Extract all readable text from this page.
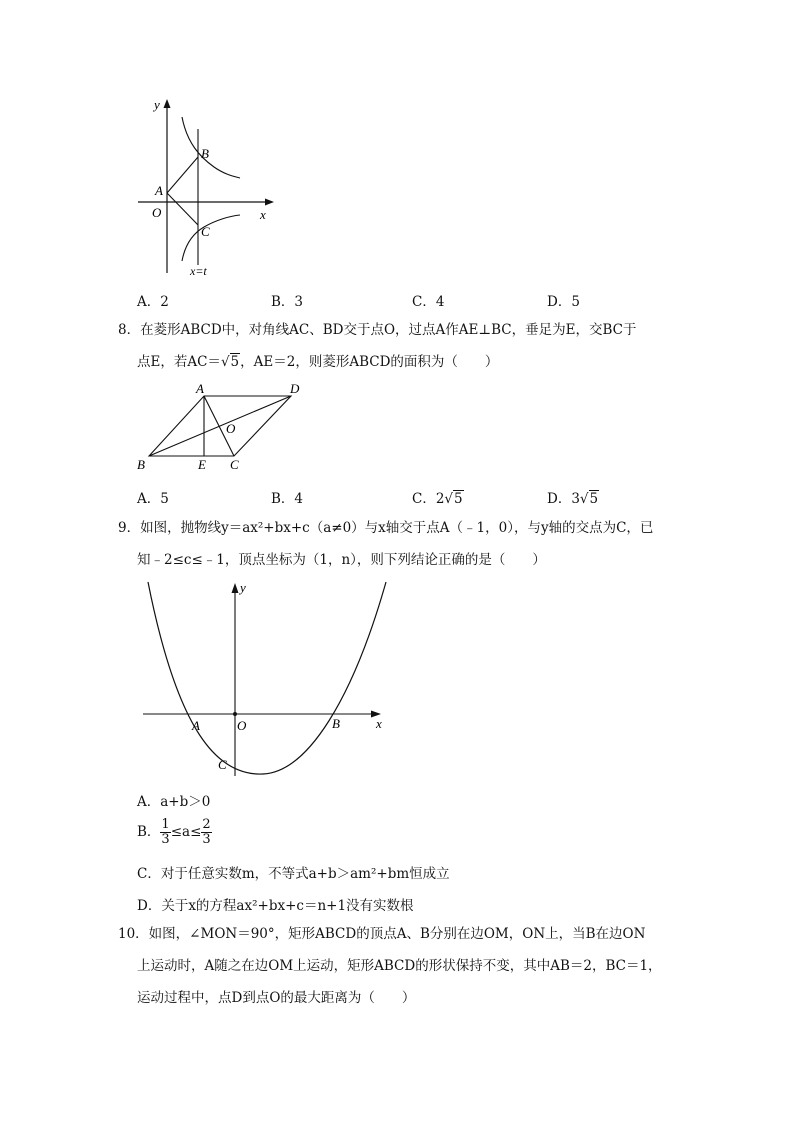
y
x
B
A
O
C
x=t
A．2	B．3	C．4	D．5
8．在菱形ABCD中，对角线AC、BD交于点O，过点A作AE⊥BC，垂足为E，交BC于
点E，若AC＝√5，AE＝2，则菱形ABCD的面积为（　　）
A	D
O
B	E C
A．5	B．4	C．2√5	D．3√5
9．如图，抛物线y＝ax²+bx+c（a≠0）与x轴交于点A（﹣1，0），与y轴的交点为C，已
知﹣2≤c≤﹣1，顶点坐标为（1，n），则下列结论正确的是（　　）
y
x
A	O	B
C
A．a+b＞0
B． $\frac{1}{3} \le a\le \frac{2}{3}$
C．对于任意实数m，不等式a+b＞am²+bm恒成立
D．关于x的方程ax²+bx+c＝n+1没有实数根
10．如图，∠MON＝90°，矩形ABCD的顶点A、B分别在边OM，ON上，当B在边ON
上运动时，A随之在边OM上运动，矩形ABCD的形状保持不变，其中AB＝2，BC＝1，
运动过程中，点D到点O的最大距离为（　　）
